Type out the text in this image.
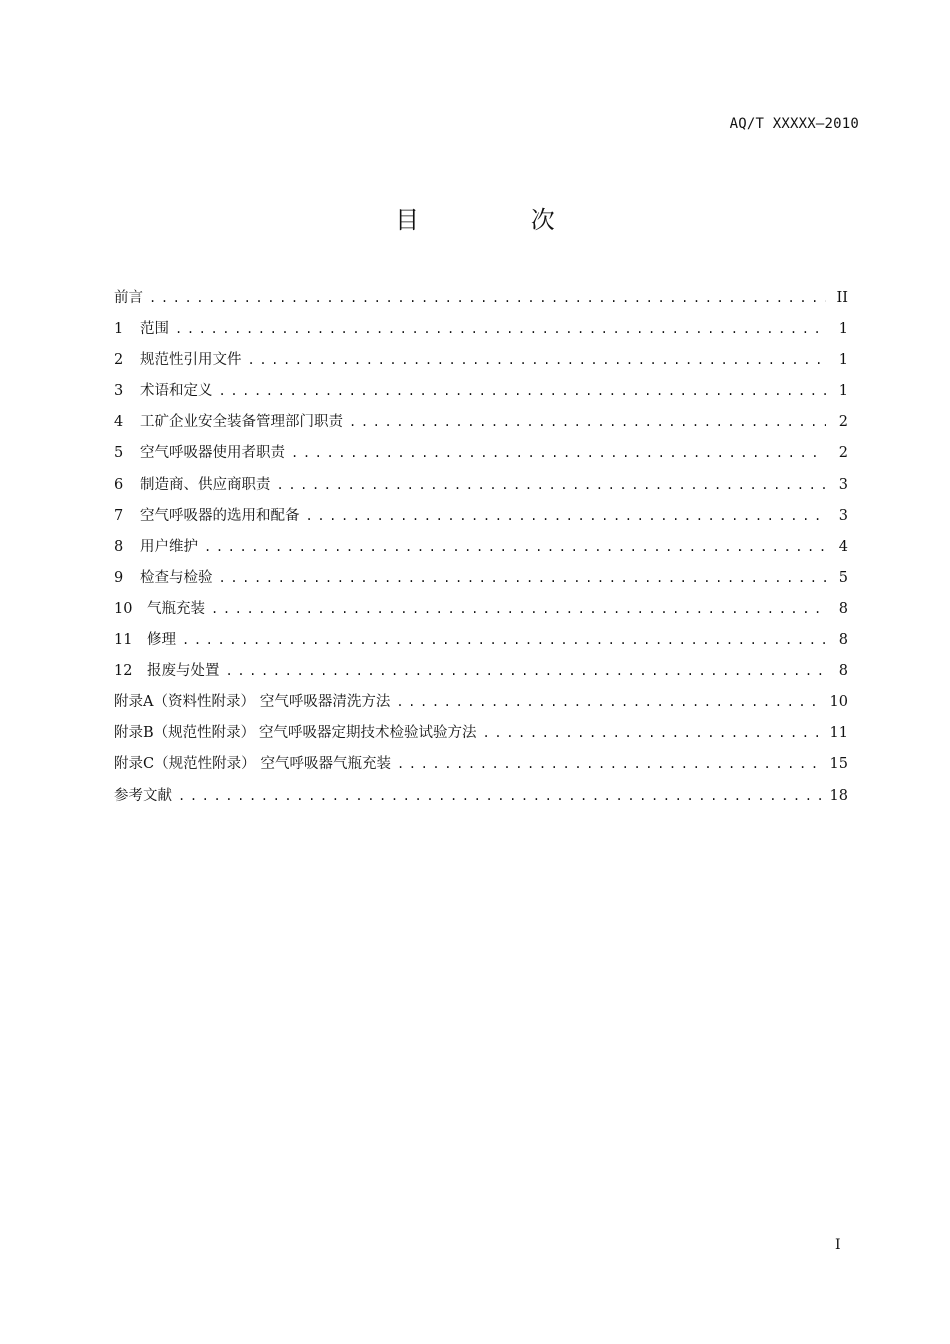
AQ/T XXXXX—2010
目 次
前言 .....	II
1	范围 .....	1
2	规范性引用文件 .....	1
3	术语和定义 .....	1
4	工矿企业安全装备管理部门职责 .....	2
5	空气呼吸器使用者职责 .....	2
6	制造商、供应商职责 .....	3
7	空气呼吸器的选用和配备 .....	3
8	用户维护 .....	4
9	检查与检验 .....	5
10	气瓶充装 .....	8
11	修理 .....	8
12	报废与处置 .....	8
附录A（资料性附录） 空气呼吸器清洗方法 .....	10
附录B（规范性附录） 空气呼吸器定期技术检验试验方法 .....	11
附录C（规范性附录） 空气呼吸器气瓶充装 .....	15
参考文献 .....	18
I
